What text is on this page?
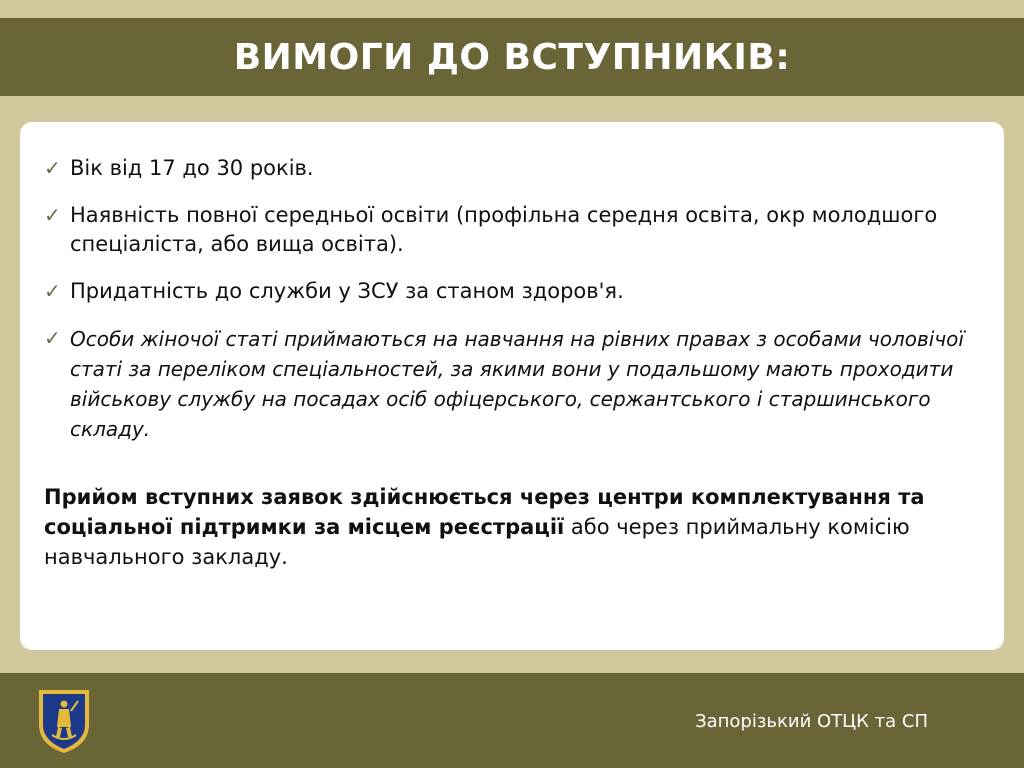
ВИМОГИ ДО ВСТУПНИКІВ:
✓ Вік від 17 до 30 років.
✓ Наявність повної середньої освіти (профільна середня освіта, окр молодшого спеціаліста, або вища освіта).
✓ Придатність до служби у ЗСУ за станом здоров'я.
✓ Особи жіночої статі приймаються на навчання на рівних правах з особами чоловічої статі за переліком спеціальностей, за якими вони у подальшому мають проходити військову службу на посадах осіб офіцерського, сержантського і старшинського складу.

Прийом вступних заявок здійснюється через центри комплектування та соціальної підтримки за місцем реєстрації або через приймальну комісію навчального закладу.

Запорізький ОТЦК та СП
